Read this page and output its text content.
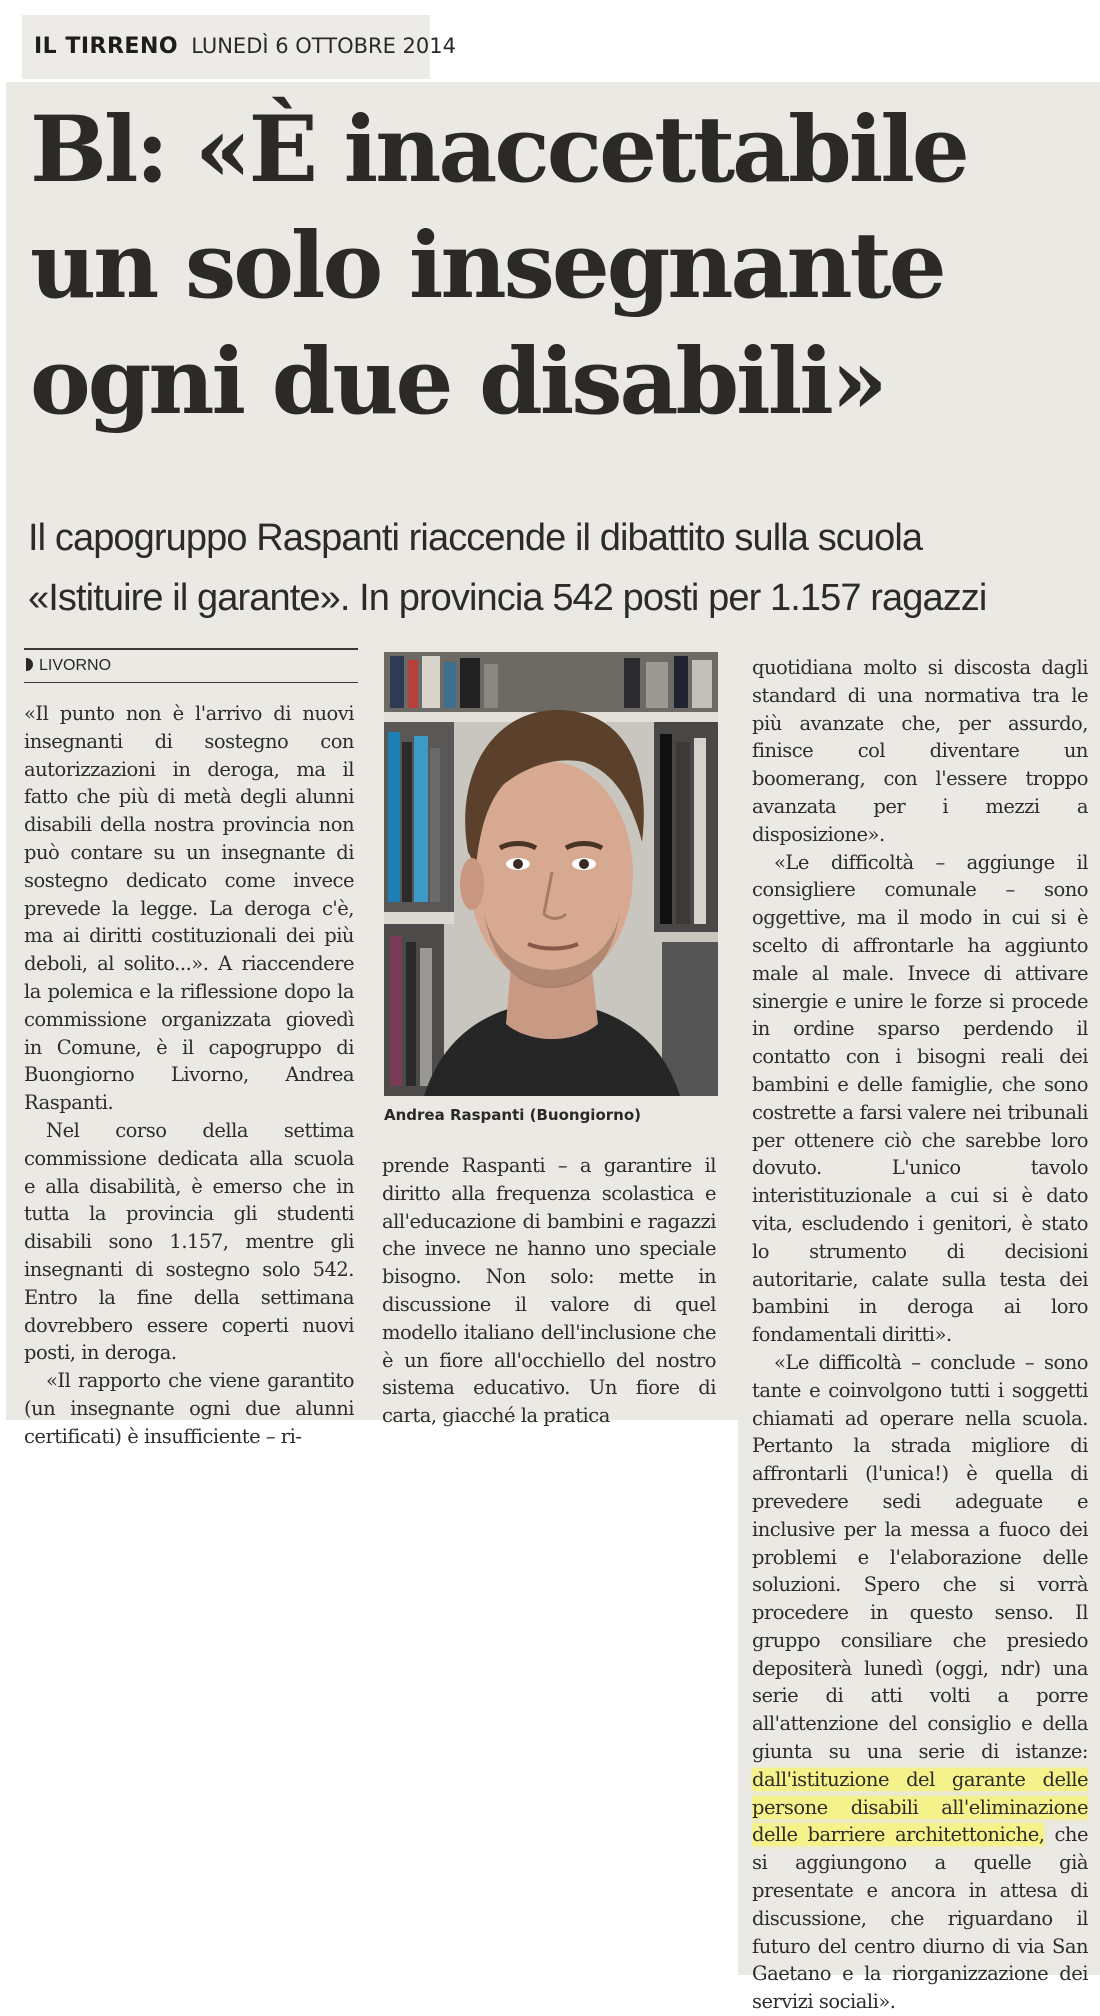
IL TIRRENO LUNEDÌ 6 OTTOBRE 2014
Bl: «È inaccettabile
un solo insegnante
ogni due disabili»
Il capogruppo Raspanti riaccende il dibattito sulla scuola
«Istituire il garante». In provincia 542 posti per 1.157 ragazzi
LIVORNO

«Il punto non è l'arrivo di nuovi insegnanti di sostegno con autorizzazioni in deroga, ma il fatto che più di metà degli alunni disabili della nostra provincia non può contare su un insegnante di sostegno dedicato come invece prevede la legge. La deroga c'è, ma ai diritti costituzionali dei più deboli, al solito...». A riaccendere la polemica e la riflessione dopo la commissione organizzata giovedì in Comune, è il capogruppo di Buongiorno Livorno, Andrea Raspanti.

Nel corso della settima commissione dedicata alla scuola e alla disabilità, è emerso che in tutta la provincia gli studenti disabili sono 1.157, mentre gli insegnanti di sostegno solo 542. Entro la fine della settimana dovrebbero essere coperti nuovi posti, in deroga.

«Il rapporto che viene garantito (un insegnante ogni due alunni certificati) è insufficiente – ri-

Andrea Raspanti (Buongiorno)

prende Raspanti – a garantire il diritto alla frequenza scolastica e all'educazione di bambini e ragazzi che invece ne hanno uno speciale bisogno. Non solo: mette in discussione il valore di quel modello italiano dell'inclusione che è un fiore all'occhiello del nostro sistema educativo. Un fiore di carta, giacché la pratica

quotidiana molto si discosta dagli standard di una normativa tra le più avanzate che, per assurdo, finisce col diventare un boomerang, con l'essere troppo avanzata per i mezzi a disposizione».

«Le difficoltà – aggiunge il consigliere comunale – sono oggettive, ma il modo in cui si è scelto di affrontarle ha aggiunto male al male. Invece di attivare sinergie e unire le forze si procede in ordine sparso perdendo il contatto con i bisogni reali dei bambini e delle famiglie, che sono costrette a farsi valere nei tribunali per ottenere ciò che sarebbe loro dovuto. L'unico tavolo interistituzionale a cui si è dato vita, escludendo i genitori, è stato lo strumento di decisioni autoritarie, calate sulla testa dei bambini in deroga ai loro fondamentali diritti».

«Le difficoltà – conclude – sono tante e coinvolgono tutti i soggetti chiamati ad operare nella scuola. Pertanto la strada migliore di affrontarli (l'unica!) è quella di prevedere sedi adeguate e inclusive per la messa a fuoco dei problemi e l'elaborazione delle soluzioni. Spero che si vorrà procedere in questo senso. Il gruppo consiliare che presiedo depositerà lunedì (oggi, ndr) una serie di atti volti a porre all'attenzione del consiglio e della giunta su una serie di istanze: dall'istituzione del garante delle persone disabili all'eliminazione delle barriere architettoniche, che si aggiungono a quelle già presentate e ancora in attesa di discussione, che riguardano il futuro del centro diurno di via San Gaetano e la riorganizzazione dei servizi sociali».
